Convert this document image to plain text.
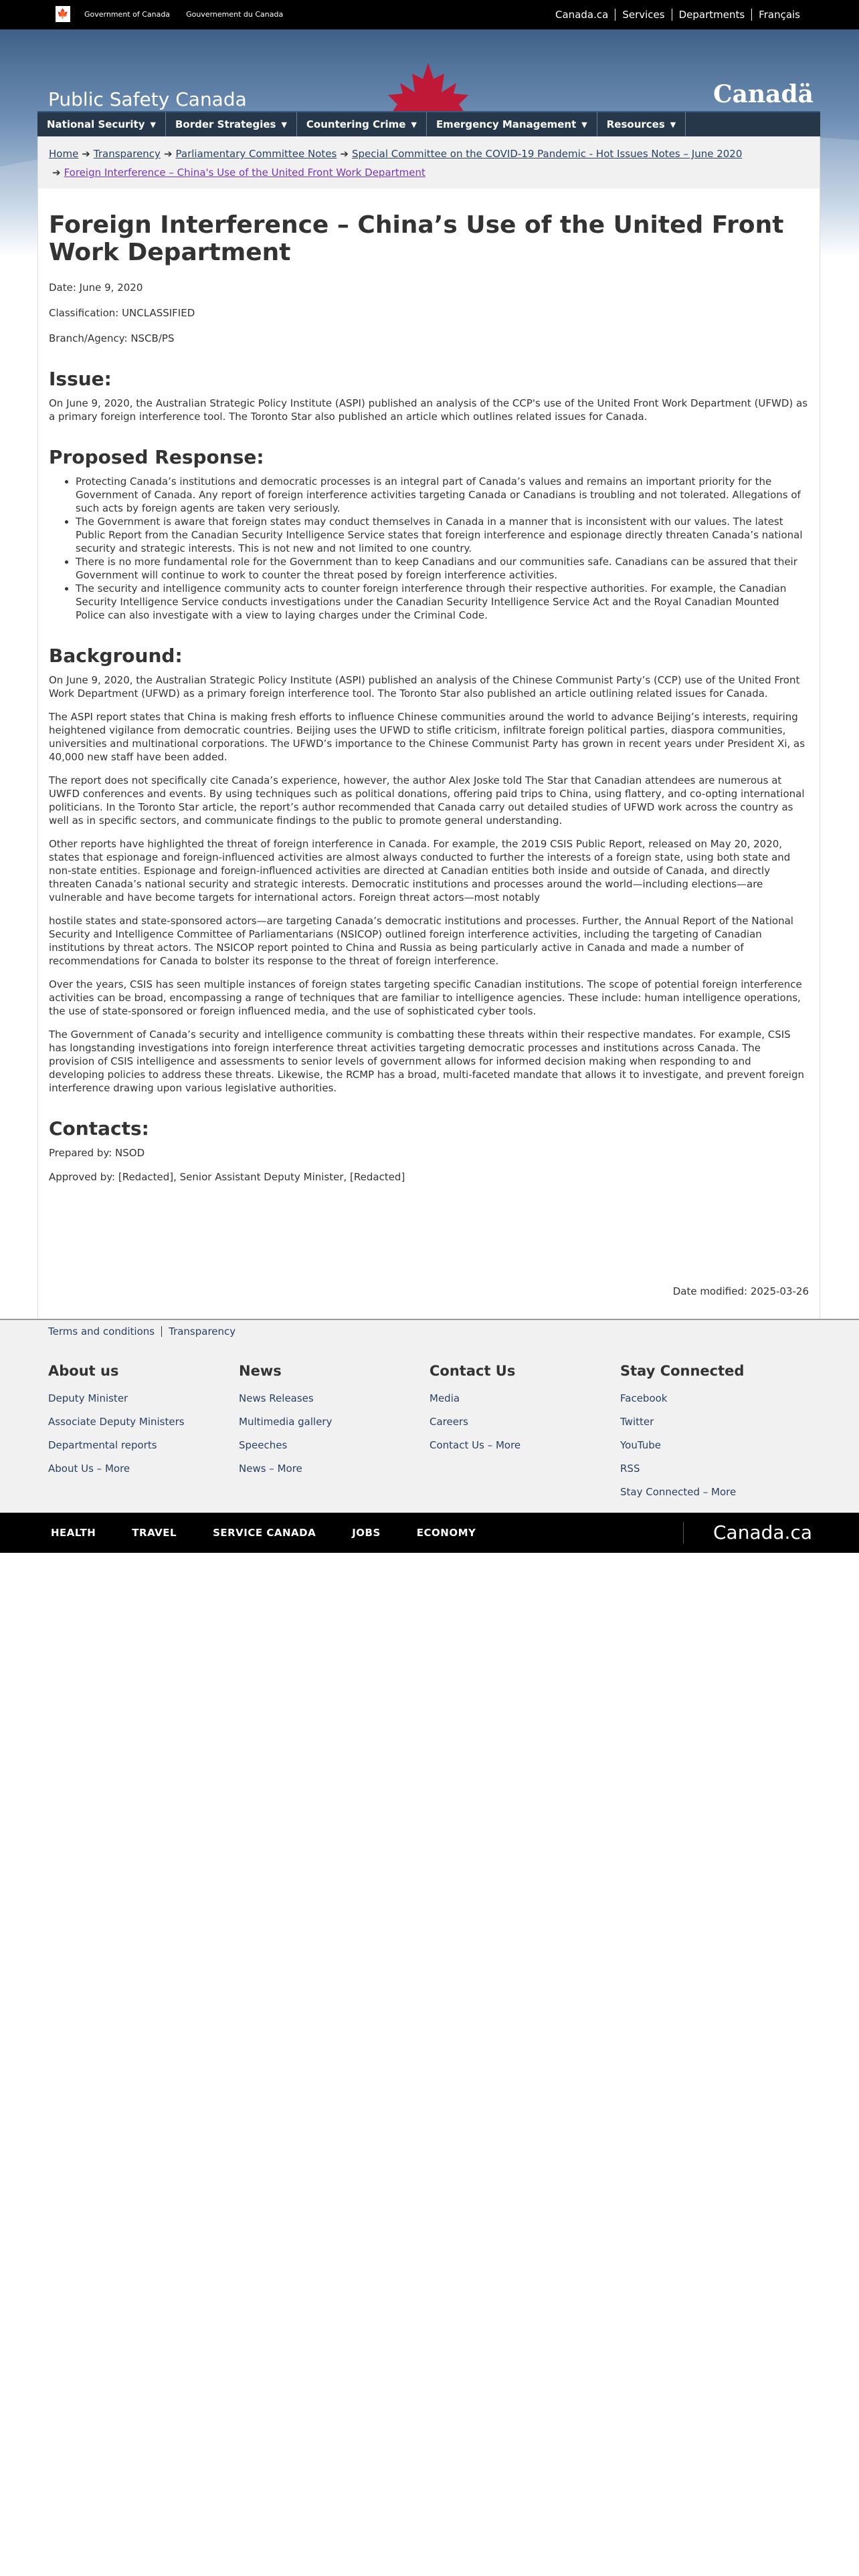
🍁 Government of Canada Gouvernement du Canada	Canada.ca	Services	Departments	Français
Public Safety Canada	Canadä
Search Public Safety
National Security ▼ Border Strategies ▼ Countering Crime ▼ Emergency Management ▼ Resources ▼
Home ➔ Transparency ➔ Parliamentary Committee Notes ➔ Special Committee on the COVID-19 Pandemic - Hot Issues Notes – June 2020
➔ Foreign Interference – China's Use of the United Front Work Department
Foreign Interference – China’s Use of the United Front Work Department

Date: June 9, 2020

Classification: UNCLASSIFIED

Branch/Agency: NSCB/PS

Issue:

On June 9, 2020, the Australian Strategic Policy Institute (ASPI) published an analysis of the CCP's use of the United Front Work Department (UFWD) as a primary foreign interference tool. The Toronto Star also published an article which outlines related issues for Canada.

Proposed Response:
• Protecting Canada’s institutions and democratic processes is an integral part of Canada’s values and remains an important priority for the Government of Canada. Any report of foreign interference activities targeting Canada or Canadians is troubling and not tolerated. Allegations of such acts by foreign agents are taken very seriously.
• The Government is aware that foreign states may conduct themselves in Canada in a manner that is inconsistent with our values. The latest Public Report from the Canadian Security Intelligence Service states that foreign interference and espionage directly threaten Canada’s national security and strategic interests. This is not new and not limited to one country.
• There is no more fundamental role for the Government than to keep Canadians and our communities safe. Canadians can be assured that their Government will continue to work to counter the threat posed by foreign interference activities.
• The security and intelligence community acts to counter foreign interference through their respective authorities. For example, the Canadian Security Intelligence Service conducts investigations under the Canadian Security Intelligence Service Act and the Royal Canadian Mounted Police can also investigate with a view to laying charges under the Criminal Code.
Background:

On June 9, 2020, the Australian Strategic Policy Institute (ASPI) published an analysis of the Chinese Communist Party’s (CCP) use of the United Front Work Department (UFWD) as a primary foreign interference tool. The Toronto Star also published an article outlining related issues for Canada.

The ASPI report states that China is making fresh efforts to influence Chinese communities around the world to advance Beijing’s interests, requiring heightened vigilance from democratic countries. Beijing uses the UFWD to stifle criticism, infiltrate foreign political parties, diaspora communities, universities and multinational corporations. The UFWD’s importance to the Chinese Communist Party has grown in recent years under President Xi, as 40,000 new staff have been added.

The report does not specifically cite Canada’s experience, however, the author Alex Joske told The Star that Canadian attendees are numerous at UWFD conferences and events. By using techniques such as political donations, offering paid trips to China, using flattery, and co-opting international politicians. In the Toronto Star article, the report’s author recommended that Canada carry out detailed studies of UFWD work across the country as well as in specific sectors, and communicate findings to the public to promote general understanding.

Other reports have highlighted the threat of foreign interference in Canada. For example, the 2019 CSIS Public Report, released on May 20, 2020, states that espionage and foreign-influenced activities are almost always conducted to further the interests of a foreign state, using both state and non-state entities. Espionage and foreign-influenced activities are directed at Canadian entities both inside and outside of Canada, and directly threaten Canada’s national security and strategic interests. Democratic institutions and processes around the world—including elections—are vulnerable and have become targets for international actors. Foreign threat actors—most notably

hostile states and state-sponsored actors—are targeting Canada’s democratic institutions and processes. Further, the Annual Report of the National Security and Intelligence Committee of Parliamentarians (NSICOP) outlined foreign interference activities, including the targeting of Canadian institutions by threat actors. The NSICOP report pointed to China and Russia as being particularly active in Canada and made a number of recommendations for Canada to bolster its response to the threat of foreign interference.

Over the years, CSIS has seen multiple instances of foreign states targeting specific Canadian institutions. The scope of potential foreign interference activities can be broad, encompassing a range of techniques that are familiar to intelligence agencies. These include: human intelligence operations, the use of state-sponsored or foreign influenced media, and the use of sophisticated cyber tools.

The Government of Canada’s security and intelligence community is combatting these threats within their respective mandates. For example, CSIS has longstanding investigations into foreign interference threat activities targeting democratic processes and institutions across Canada. The provision of CSIS intelligence and assessments to senior levels of government allows for informed decision making when responding to and developing policies to address these threats. Likewise, the RCMP has a broad, multi-faceted mandate that allows it to investigate, and prevent foreign interference drawing upon various legislative authorities.

Contacts:

Prepared by: NSOD

Approved by: [Redacted], Senior Assistant Deputy Minister, [Redacted]

Date modified: 2025-03-26
Terms and conditions	Transparency
About us
Deputy Minister
Associate Deputy Ministers
Departmental reports
About Us – More
News
News Releases
Multimedia gallery
Speeches
News – More
Contact Us
Media
Careers
Contact Us – More
Stay Connected
Facebook
Twitter
YouTube
RSS
Stay Connected – More
HEALTH	TRAVEL	SERVICE CANADA	JOBS	ECONOMY	Canada.ca
